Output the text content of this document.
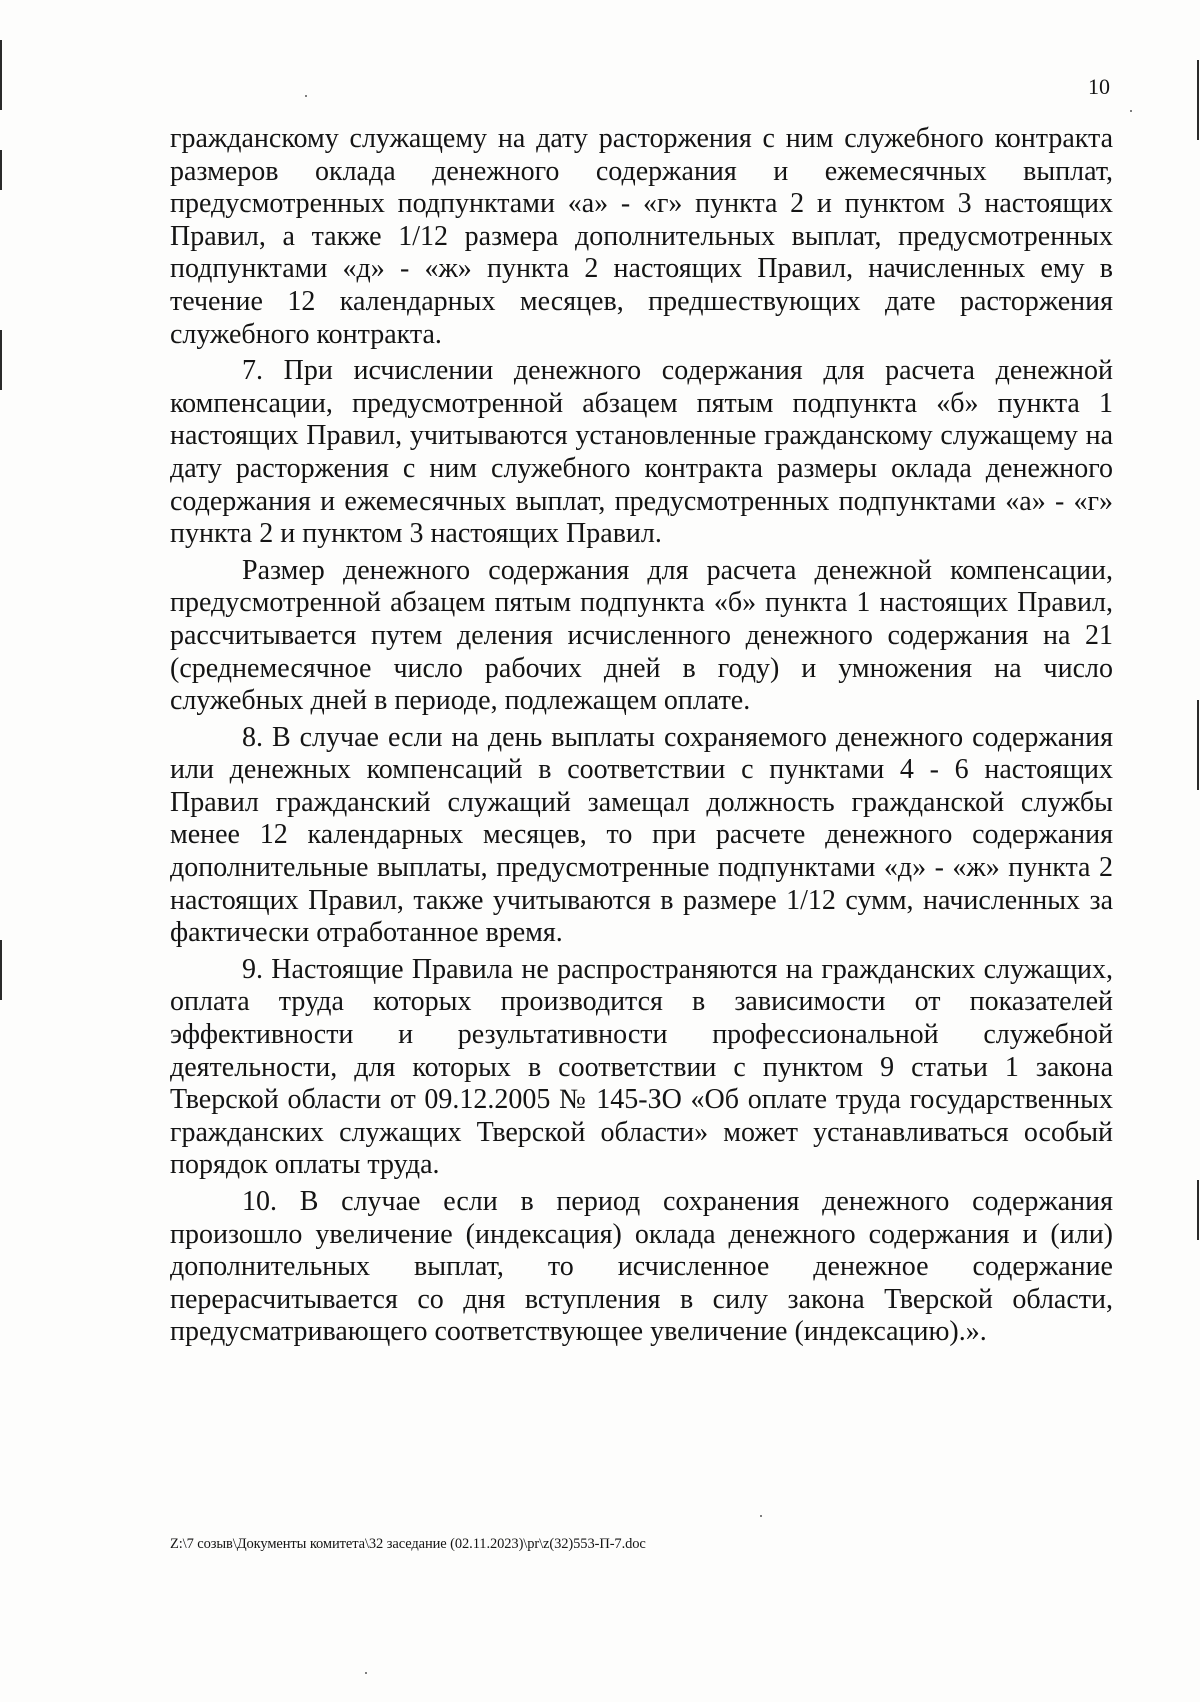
10

гражданскому служащему на дату расторжения с ним служебного контракта размеров оклада денежного содержания и ежемесячных выплат, предусмотренных подпунктами «а» - «г» пункта 2 и пунктом 3 настоящих Правил, а также 1/12 размера дополнительных выплат, предусмотренных подпунктами «д» - «ж» пункта 2 настоящих Правил, начисленных ему в течение 12 календарных месяцев, предшествующих дате расторжения служебного контракта.

7. При исчислении денежного содержания для расчета денежной компенсации, предусмотренной абзацем пятым подпункта «б» пункта 1 настоящих Правил, учитываются установленные гражданскому служащему на дату расторжения с ним служебного контракта размеры оклада денежного содержания и ежемесячных выплат, предусмотренных подпунктами «а» - «г» пункта 2 и пунктом 3 настоящих Правил.

Размер денежного содержания для расчета денежной компенсации, предусмотренной абзацем пятым подпункта «б» пункта 1 настоящих Правил, рассчитывается путем деления исчисленного денежного содержания на 21 (среднемесячное число рабочих дней в году) и умножения на число служебных дней в периоде, подлежащем оплате.

8. В случае если на день выплаты сохраняемого денежного содержания или денежных компенсаций в соответствии с пунктами 4 - 6 настоящих Правил гражданский служащий замещал должность гражданской службы менее 12 календарных месяцев, то при расчете денежного содержания дополнительные выплаты, предусмотренные подпунктами «д» - «ж» пункта 2 настоящих Правил, также учитываются в размере 1/12 сумм, начисленных за фактически отработанное время.

9. Настоящие Правила не распространяются на гражданских служащих, оплата труда которых производится в зависимости от показателей эффективности и результативности профессиональной служебной деятельности, для которых в соответствии с пунктом 9 статьи 1 закона Тверской области от 09.12.2005 № 145-ЗО «Об оплате труда государственных гражданских служащих Тверской области» может устанавливаться особый порядок оплаты труда.

10. В случае если в период сохранения денежного содержания произошло увеличение (индексация) оклада денежного содержания и (или) дополнительных выплат, то исчисленное денежное содержание перерасчитывается со дня вступления в силу закона Тверской области, предусматривающего соответствующее увеличение (индексацию).».

Z:\7 созыв\Документы комитета\32 заседание (02.11.2023)\pr\z(32)553-П-7.doc
